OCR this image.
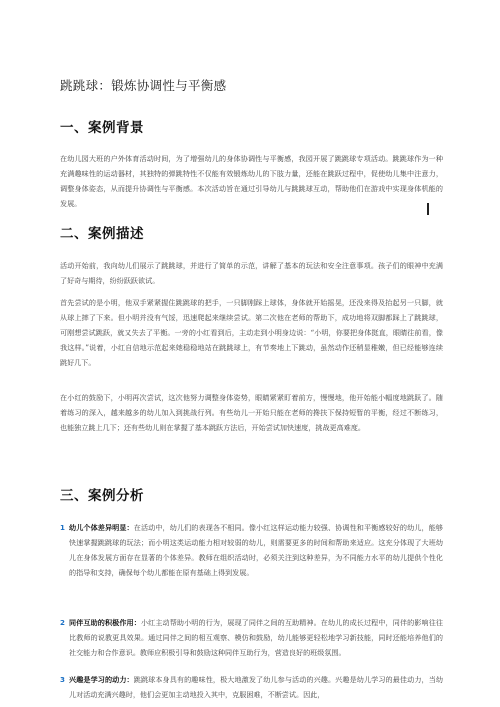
跳跳球：锻炼协调性与平衡感
一、案例背景

在幼儿园大班的户外体育活动时间，为了增强幼儿的身体协调性与平衡感，我园开展了跳跳球专项活动。跳跳球作为一种充满趣味性的运动器材，其独特的弹跳特性不仅能有效锻炼幼儿的下肢力量，还能在跳跃过程中，促使幼儿集中注意力，调整身体姿态，从而提升协调性与平衡感。本次活动旨在通过引导幼儿与跳跳球互动，帮助他们在游戏中实现身体机能的发展。

二、案例描述

活动开始前，我向幼儿们展示了跳跳球，并进行了简单的示范，讲解了基本的玩法和安全注意事项。孩子们的眼神中充满了好奇与期待，纷纷跃跃欲试。

首先尝试的是小明，他双手紧紧握住跳跳球的把手，一只脚刚踩上球体，身体就开始摇晃，还没来得及抬起另一只脚，就从球上摔了下来。但小明并没有气馁，迅速爬起来继续尝试。第二次他在老师的帮助下，成功地将双脚都踩上了跳跳球，可刚想尝试跳跃，就又失去了平衡。一旁的小红看到后，主动走到小明身边说：“小明，你要把身体挺直，眼睛往前看，像我这样。”说着，小红自信地示范起来她稳稳地站在跳跳球上，有节奏地上下跳动，虽然动作还稍显稚嫩，但已经能够连续跳好几下。

在小红的鼓励下，小明再次尝试，这次他努力调整身体姿势，眼睛紧紧盯着前方，慢慢地，他开始能小幅度地跳跃了。随着练习的深入，越来越多的幼儿加入到挑战行列。有些幼儿一开始只能在老师的搀扶下保持短暂的平衡，经过不断练习，也能独立跳上几下；还有些幼儿则在掌握了基本跳跃方法后，开始尝试加快速度，挑战更高难度。

三、案例分析
1 幼儿个体差异明显：在活动中，幼儿们的表现各不相同。像小红这样运动能力较强、协调性和平衡感较好的幼儿，能够快速掌握跳跳球的玩法；而小明这类运动能力相对较弱的幼儿，则需要更多的时间和帮助来适应。这充分体现了大班幼儿在身体发展方面存在显著的个体差异。教师在组织活动时，必须关注到这种差异，为不同能力水平的幼儿提供个性化的指导和支持，确保每个幼儿都能在原有基础上得到发展。
2 同伴互助的积极作用：小红主动帮助小明的行为，展现了同伴之间的互助精神。在幼儿的成长过程中，同伴的影响往往比教师的说教更具效果。通过同伴之间的相互观察、模仿和鼓励，幼儿能够更轻松地学习新技能，同时还能培养他们的社交能力和合作意识。教师应积极引导和鼓励这种同伴互助行为，营造良好的班级氛围。
3 兴趣是学习的动力：跳跳球本身具有的趣味性，极大地激发了幼儿参与活动的兴趣。兴趣是幼儿学习的最佳动力，当幼儿对活动充满兴趣时，他们会更加主动地投入其中，克服困难，不断尝试。因此，
